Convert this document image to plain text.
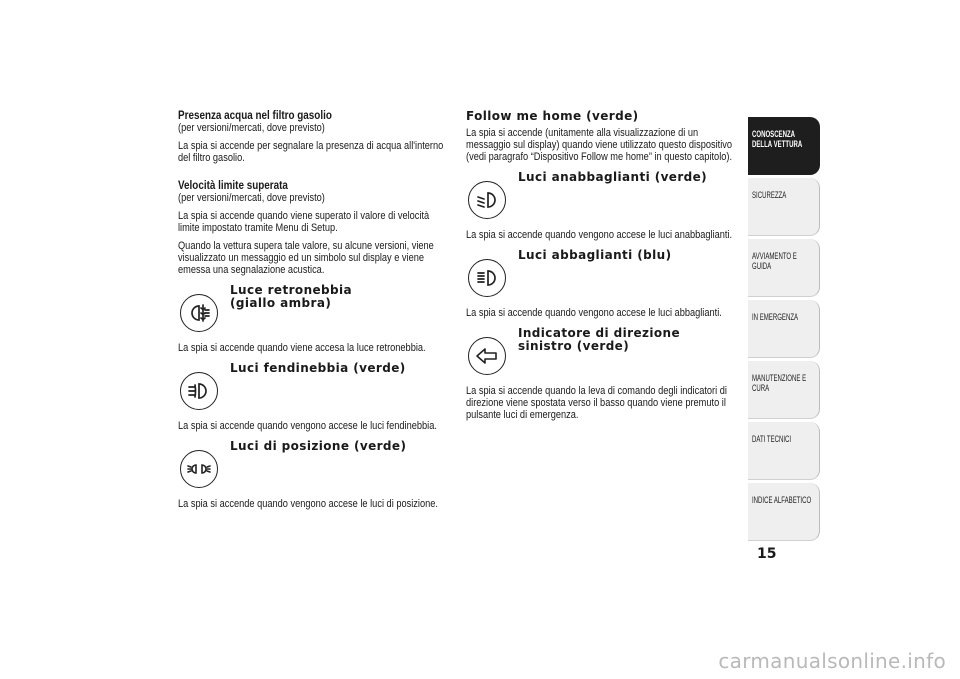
Presenza acqua nel filtro gasolio

(per versioni/mercati, dove previsto)

La spia si accende per segnalare la presenza di acqua all'interno del filtro gasolio.

Velocità limite superata

(per versioni/mercati, dove previsto)

La spia si accende quando viene superato il valore di velocità limite impostato tramite Menu di Setup.

Quando la vettura supera tale valore, su alcune versioni, viene visualizzato un messaggio ed un simbolo sul display e viene emessa una segnalazione acustica.

Luce retronebbia

(giallo ambra)

La spia si accende quando viene accesa la luce retronebbia.

Luci fendinebbia (verde)

La spia si accende quando vengono accese le luci fendinebbia.

Luci di posizione (verde)

La spia si accende quando vengono accese le luci di posizione.

Follow me home (verde)

La spia si accende (unitamente alla visualizzazione di un messaggio sul display) quando viene utilizzato questo dispositivo (vedi paragrafo “Dispositivo Follow me home” in questo capitolo).

Luci anabbaglianti (verde)

La spia si accende quando vengono accese le luci anabbaglianti.

Luci abbaglianti (blu)

La spia si accende quando vengono accese le luci abbaglianti.

Indicatore di direzione

sinistro (verde)

La spia si accende quando la leva di comando degli indicatori di direzione viene spostata verso il basso quando viene premuto il pulsante luci di emergenza.

CONOSCENZA
DELLA VETTURA
SICUREZZA
AVVIAMENTO E
GUIDA
IN EMERGENZA
MANUTENZIONE E
CURA
DATI TECNICI
INDICE ALFABETICO
15
carmanualsonline.info
